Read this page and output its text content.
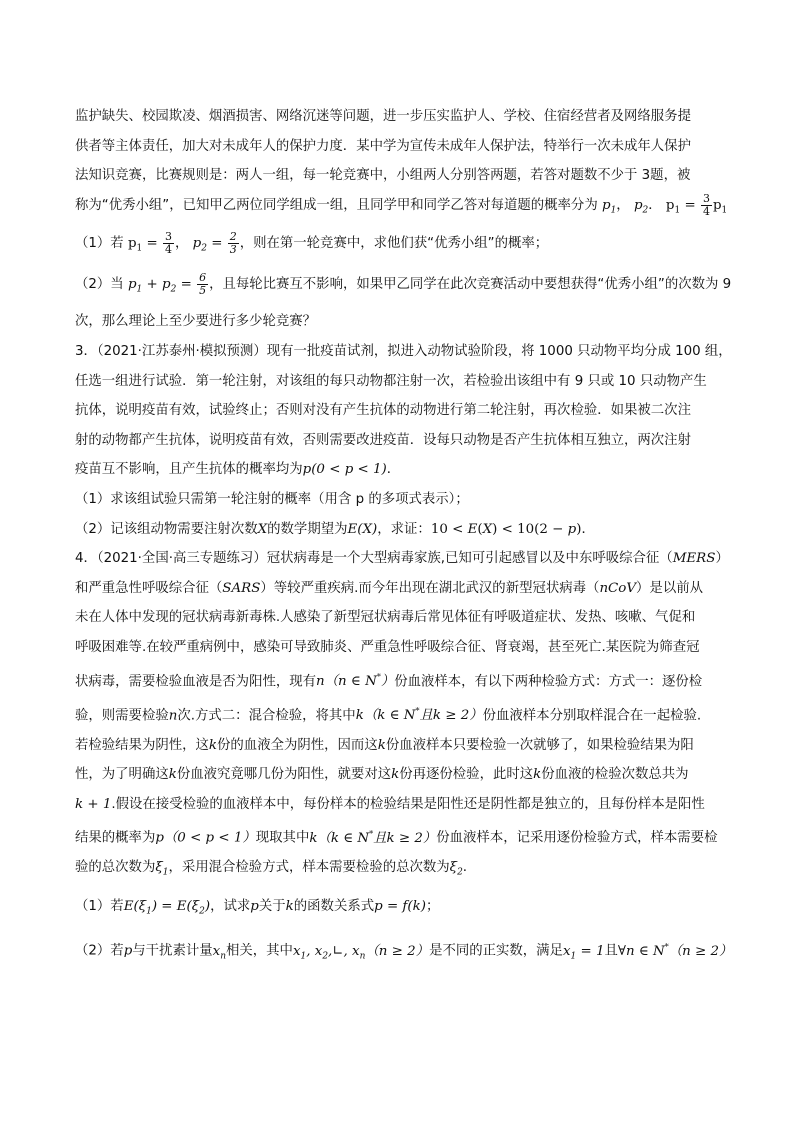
监护缺失、校园欺凌、烟酒损害、网络沉迷等问题，进一步压实监护人、学校、住宿经营者及网络服务提
供者等主体责任，加大对未成年人的保护力度．某中学为宣传未成年人保护法，特举行一次未成年人保护
法知识竞赛，比赛规则是：两人一组，每一轮竞赛中，小组两人分别答两题，若答对题数不少于 3题，被
称为“优秀小组”，已知甲乙两位同学组成一组，且同学甲和同学乙答对每道题的概率分为 $p_1$， $p_2$． $p_1 = \frac{3}{4} p_1$
（1）若 $p_1 = \frac{3}{4}$ ， $p_2 = \frac{2}{3}$ ，则在第一轮竞赛中，求他们获“优秀小组”的概率；
（2）当 $p_1 + p_2 = \frac{6}{5}$ ，且每轮比赛互不影响，如果甲乙同学在此次竞赛活动中要想获得“优秀小组”的次数为 9
次，那么理论上至少要进行多少轮竞赛？
3．（2021·江苏泰州·模拟预测）现有一批疫苗试剂，拟进入动物试验阶段，将 1000 只动物平均分成 100 组，
任选一组进行试验．第一轮注射，对该组的每只动物都注射一次，若检验出该组中有 9 只或 10 只动物产生
抗体，说明疫苗有效，试验终止；否则对没有产生抗体的动物进行第二轮注射，再次检验．如果被二次注
射的动物都产生抗体，说明疫苗有效，否则需要改进疫苗．设每只动物是否产生抗体相互独立，两次注射
疫苗互不影响，且产生抗体的概率均为p(0 < p < 1)．
（1）求该组试验只需第一轮注射的概率（用含 p 的多项式表示）；
（2）记该组动物需要注射次数X的数学期望为E(X)，求证：10 < E(X) < 10(2 − p)．
4．（2021·全国·高三专题练习）冠状病毒是一个大型病毒家族,已知可引起感冒以及中东呼吸综合征（MERS）
和严重急性呼吸综合征（SARS）等较严重疾病.而今年出现在湖北武汉的新型冠状病毒（nCoV）是以前从
未在人体中发现的冠状病毒新毒株.人感染了新型冠状病毒后常见体征有呼吸道症状、发热、咳嗽、气促和
呼吸困难等.在较严重病例中，感染可导致肺炎、严重急性呼吸综合征、肾衰竭，甚至死亡.某医院为筛查冠
状病毒，需要检验血液是否为阳性，现有n（n ∈ N*）份血液样本，有以下两种检验方式：方式一：逐份检
验，则需要检验n次.方式二：混合检验，将其中k（k ∈ N*且k ≥ 2）份血液样本分别取样混合在一起检验.
若检验结果为阴性，这k份的血液全为阴性，因而这k份血液样本只要检验一次就够了，如果检验结果为阳
性，为了明确这k份血液究竟哪几份为阳性，就要对这k份再逐份检验，此时这k份血液的检验次数总共为
k + 1.假设在接受检验的血液样本中，每份样本的检验结果是阳性还是阴性都是独立的，且每份样本是阳性
结果的概率为p（0 < p < 1）现取其中k（k ∈ N*且k ≥ 2）份血液样本，记采用逐份检验方式，样本需要检
验的总次数为$\xi_1$，采用混合检验方式，样本需要检验的总次数为$\xi_2$.
（1）若$E(\xi_1) = E(\xi_2)$，试求p关于k的函数关系式p = f(k)；
（2）若p与干扰素计量$x_n$相关，其中$x_1$, $x_2,∟$, $x_n(n \ge 2)$是不同的正实数，满足$x_1 = 1$且∀n ∈ N*（n ≥ 2）
